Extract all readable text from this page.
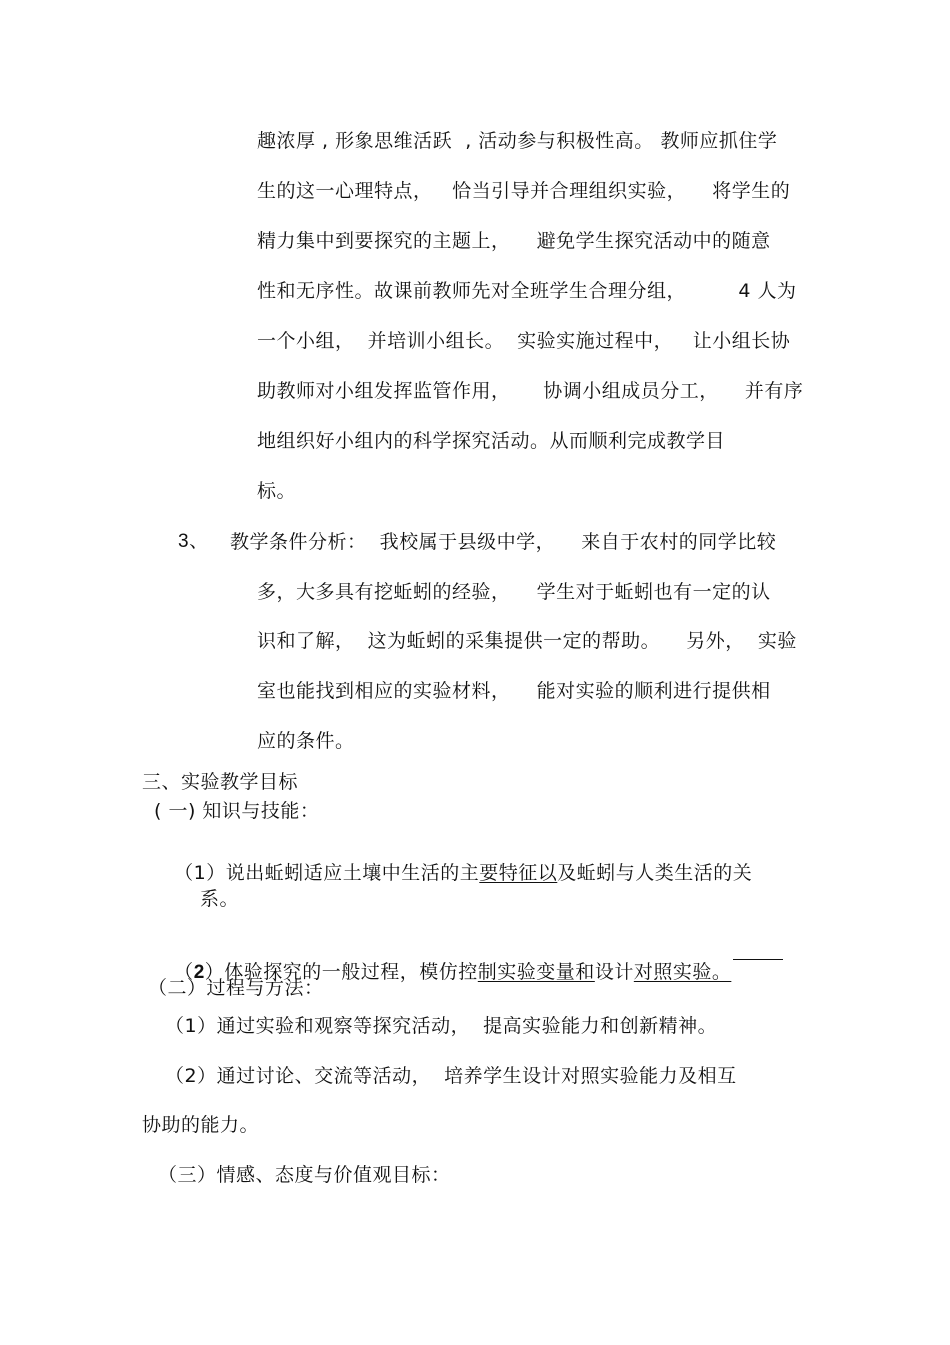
趣浓厚 , 形象思维活跃  , 活动参与积极性高。 教师应抓住学
生的这一心理特点，   恰当引导并合理组织实验，    将学生的
精力集中到要探究的主题上，    避免学生探究活动中的随意
性和无序性。故课前教师先对全班学生合理分组，        4 人为
一个小组，  并培训小组长。  实验实施过程中，   让小组长协
助教师对小组发挥监管作用，     协调小组成员分工，    并有序
地组织好小组内的科学探究活动。从而顺利完成教学目
标。
3、 教学条件分析：  我校属于县级中学，    来自于农村的同学比较
多，大多具有挖蚯蚓的经验，    学生对于蚯蚓也有一定的认
识和了解，  这为蚯蚓的采集提供一定的帮助。    另外，  实验
室也能找到相应的实验材料，    能对实验的顺利进行提供相
应的条件。
三、实验教学目标
( 一) 知识与技能：

（1）说出蚯蚓适应土壤中生活的主要特征以及蚯蚓与人类生活的关

系。

（2）体验探究的一般过程，模仿控制实验变量和设计对照实验。

（二）过程与方法：
（1）通过实验和观察等探究活动，  提高实验能力和创新精神。
（2）通过讨论、交流等活动，  培养学生设计对照实验能力及相互
协助的能力。
（三）情感、态度与价值观目标：
